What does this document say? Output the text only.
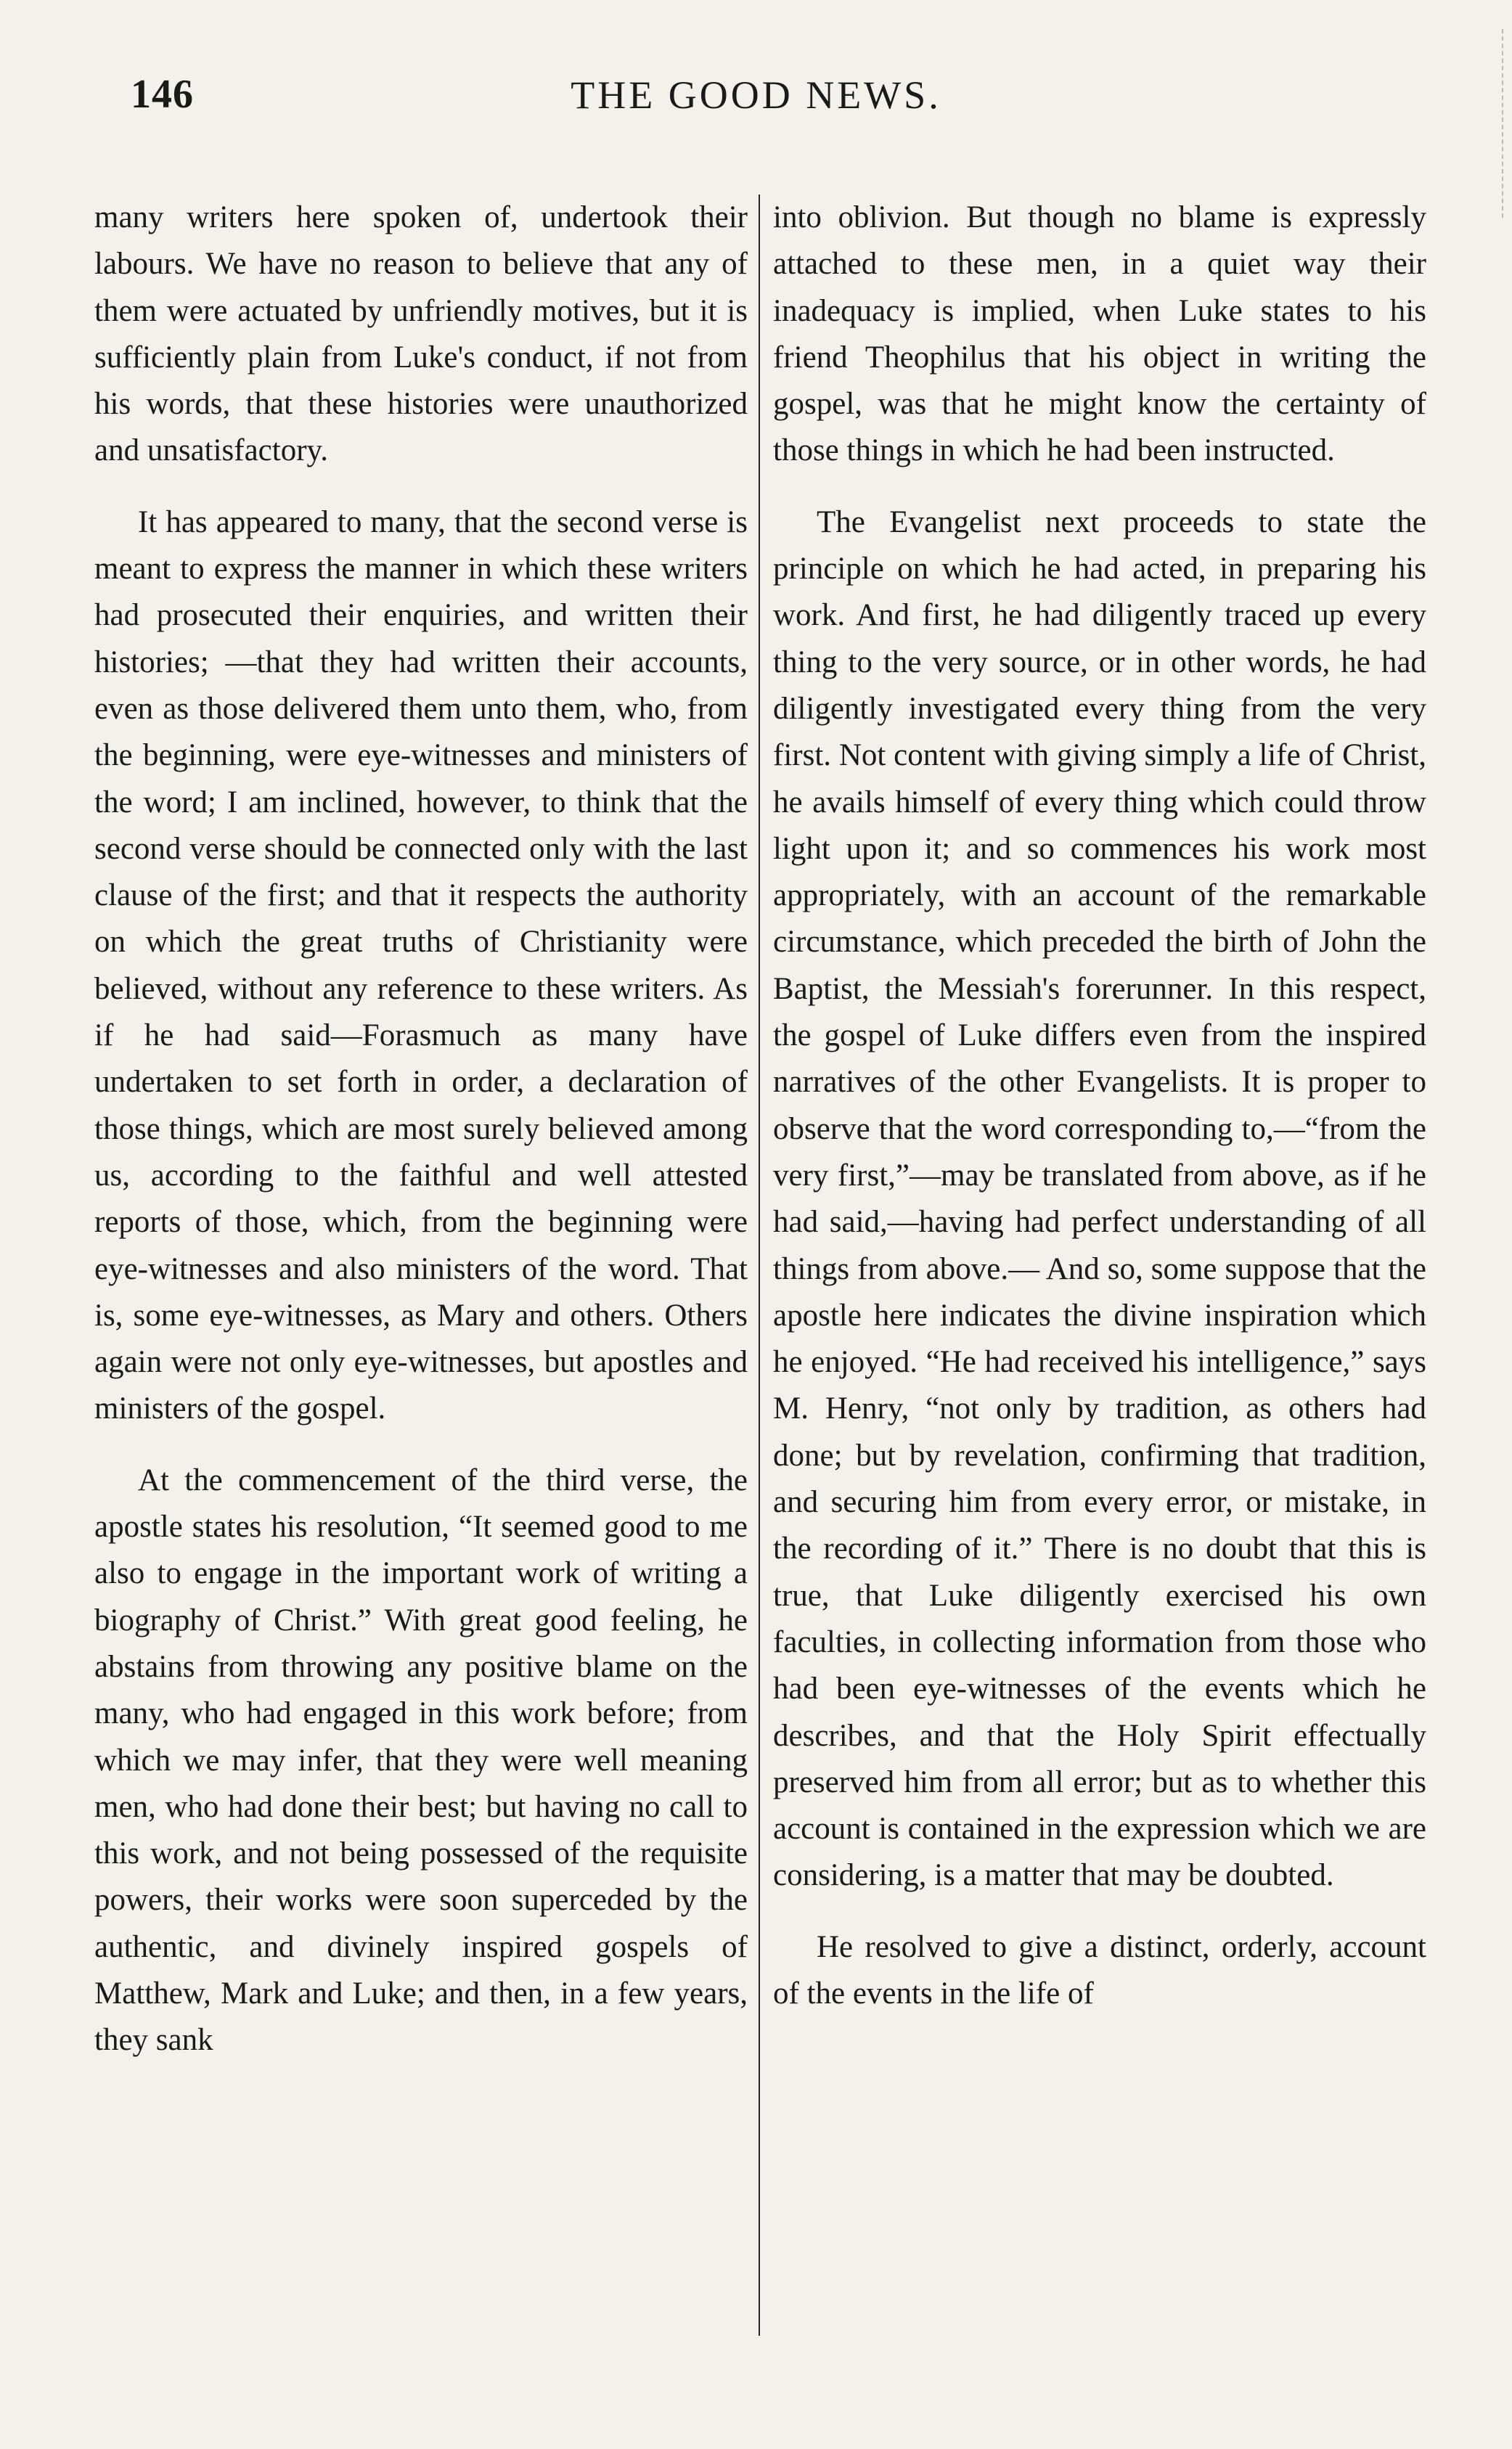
146	THE GOOD NEWS.

many writers here spoken of, undertook their labours. We have no reason to believe that any of them were actuated by unfriendly motives, but it is sufficiently plain from Luke's conduct, if not from his words, that these histories were unauthorized and unsatisfactory.

It has appeared to many, that the second verse is meant to express the manner in which these writers had prosecuted their enquiries, and written their histories; —that they had written their accounts, even as those delivered them unto them, who, from the beginning, were eye-witnesses and ministers of the word; I am inclined, however, to think that the second verse should be connected only with the last clause of the first; and that it respects the authority on which the great truths of Christianity were believed, without any reference to these writers. As if he had said—Forasmuch as many have undertaken to set forth in order, a declaration of those things, which are most surely believed among us, according to the faithful and well attested reports of those, which, from the beginning were eye-witnesses and also ministers of the word. That is, some eye-witnesses, as Mary and others. Others again were not only eye-witnesses, but apostles and ministers of the gospel.

At the commencement of the third verse, the apostle states his resolution, “It seemed good to me also to engage in the important work of writing a biography of Christ.” With great good feeling, he abstains from throwing any positive blame on the many, who had engaged in this work before; from which we may infer, that they were well meaning men, who had done their best; but having no call to this work, and not being possessed of the requisite powers, their works were soon superceded by the authentic, and divinely inspired gospels of Matthew, Mark and Luke; and then, in a few years, they sank

into oblivion. But though no blame is expressly attached to these men, in a quiet way their inadequacy is implied, when Luke states to his friend Theophilus that his object in writing the gospel, was that he might know the certainty of those things in which he had been instructed.

The Evangelist next proceeds to state the principle on which he had acted, in preparing his work. And first, he had diligently traced up every thing to the very source, or in other words, he had diligently investigated every thing from the very first. Not content with giving simply a life of Christ, he avails himself of every thing which could throw light upon it; and so commences his work most appropriately, with an account of the remarkable circumstance, which preceded the birth of John the Baptist, the Messiah's forerunner. In this respect, the gospel of Luke differs even from the inspired narratives of the other Evangelists. It is proper to observe that the word corresponding to,—“from the very first,”—may be translated from above, as if he had said,—having had perfect understanding of all things from above.— And so, some suppose that the apostle here indicates the divine inspiration which he enjoyed. “He had received his intelligence,” says M. Henry, “not only by tradition, as others had done; but by revelation, confirming that tradition, and securing him from every error, or mistake, in the recording of it.” There is no doubt that this is true, that Luke diligently exercised his own faculties, in collecting information from those who had been eye-witnesses of the events which he describes, and that the Holy Spirit effectually preserved him from all error; but as to whether this account is contained in the expression which we are considering, is a matter that may be doubted.

He resolved to give a distinct, orderly, account of the events in the life of
